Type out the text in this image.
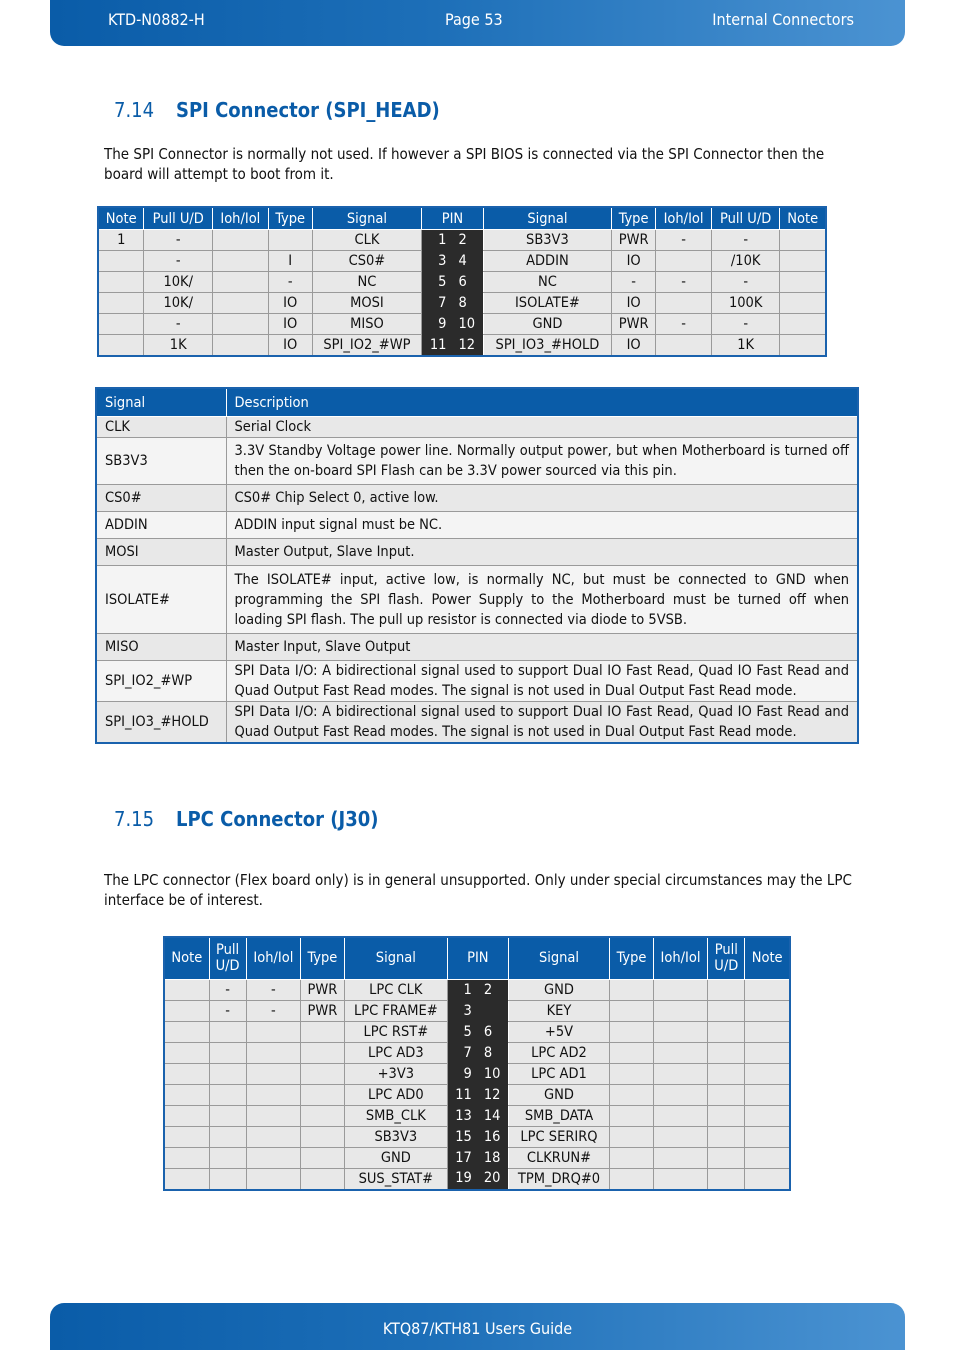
KTD-N0882-H	Page 53	Internal Connectors
7.14 SPI Connector (SPI_HEAD)

The SPI Connector is normally not used. If however a SPI BIOS is connected via the SPI Connector then the board will attempt to boot from it.

Note	Pull U/D	Ioh/Iol	Type	Signal	PIN		Signal	Type	Ioh/Iol	Pull U/D	Note
1	-			CLK	1	2	SB3V3	PWR	-	-	
	-		I	CS0#	3	4	ADDIN	IO		/10K	
	10K/		-	NC	5	6	NC	-	-	-	
	10K/		IO	MOSI	7	8	ISOLATE#	IO		100K	
	-		IO	MISO	9	10	GND	PWR	-	-	
	1K		IO	SPI_IO2_#WP	11	12	SPI_IO3_#HOLD	IO		1K	
Signal	Description
CLK	Serial Clock
SB3V3	3.3V Standby Voltage power line. Normally output power, but when Motherboard is turned off then the on-board SPI Flash can be 3.3V power sourced via this pin.
CS0#	CS0# Chip Select 0, active low.
ADDIN	ADDIN input signal must be NC.
MOSI	Master Output, Slave Input.
ISOLATE#	The ISOLATE# input, active low, is normally NC, but must be connected to GND when programming the SPI flash. Power Supply to the Motherboard must be turned off when loading SPI flash. The pull up resistor is connected via diode to 5VSB.
MISO	Master Input, Slave Output
SPI_IO2_#WP	SPI Data I/O: A bidirectional signal used to support Dual IO Fast Read, Quad IO Fast Read and Quad Output Fast Read modes. The signal is not used in Dual Output Fast Read mode.
SPI_IO3_#HOLD	SPI Data I/O: A bidirectional signal used to support Dual IO Fast Read, Quad IO Fast Read and Quad Output Fast Read modes. The signal is not used in Dual Output Fast Read mode.
7.15 LPC Connector (J30)

The LPC connector (Flex board only) is in general unsupported. Only under special circumstances may the LPC interface be of interest.

Note	Pull U/D	Ioh/Iol	Type	Signal	PIN		Signal	Type	Ioh/Iol	Pull U/D	Note
	-	-	PWR	LPC CLK	1	2	GND				
	-	-	PWR	LPC FRAME#	3		KEY				
				LPC RST#	5	6	+5V				
				LPC AD3	7	8	LPC AD2				
				+3V3	9	10	LPC AD1				
				LPC AD0	11	12	GND				
				SMB_CLK	13	14	SMB_DATA				
				SB3V3	15	16	LPC SERIRQ				
				GND	17	18	CLKRUN#				
				SUS_STAT#	19	20	TPM_DRQ#0				
KTQ87/KTH81 Users Guide
